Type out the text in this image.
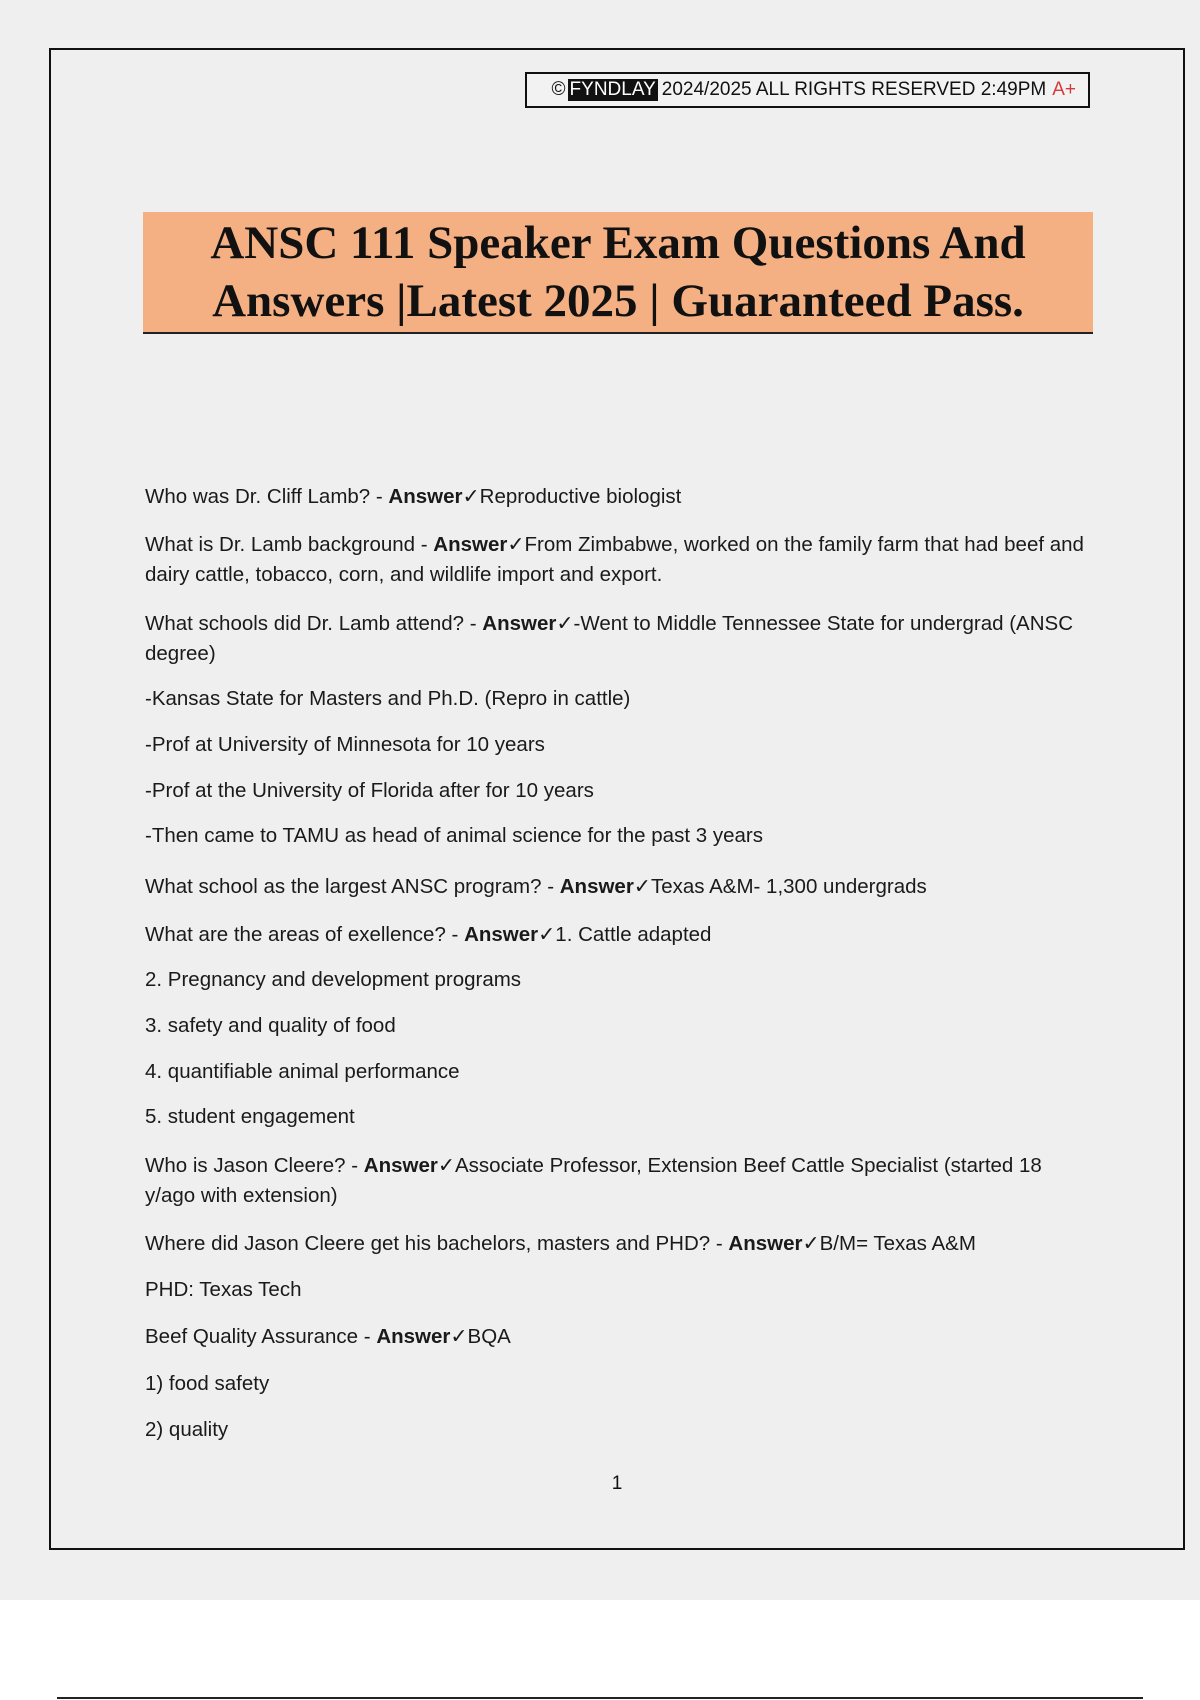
© FYNDLAY 2024/2025 ALL RIGHTS RESERVED 2:49PM A+
ANSC 111 Speaker Exam Questions And
Answers |Latest 2025 | Guaranteed Pass.
Who was Dr. Cliff Lamb? - Answer✓Reproductive biologist
What is Dr. Lamb background - Answer✓From Zimbabwe, worked on the family farm that had beef and dairy cattle, tobacco, corn, and wildlife import and export.
What schools did Dr. Lamb attend? - Answer✓-Went to Middle Tennessee State for undergrad (ANSC degree)
-Kansas State for Masters and Ph.D. (Repro in cattle)
-Prof at University of Minnesota for 10 years
-Prof at the University of Florida after for 10 years
-Then came to TAMU as head of animal science for the past 3 years
What school as the largest ANSC program? - Answer✓Texas A&M- 1,300 undergrads
What are the areas of exellence? - Answer✓1. Cattle adapted
2. Pregnancy and development programs
3. safety and quality of food
4. quantifiable animal performance
5. student engagement
Who is Jason Cleere? - Answer✓Associate Professor, Extension Beef Cattle Specialist (started 18 y/ago with extension)
Where did Jason Cleere get his bachelors, masters and PHD? - Answer✓B/M= Texas A&M
PHD: Texas Tech
Beef Quality Assurance - Answer✓BQA
1) food safety
2) quality
1
